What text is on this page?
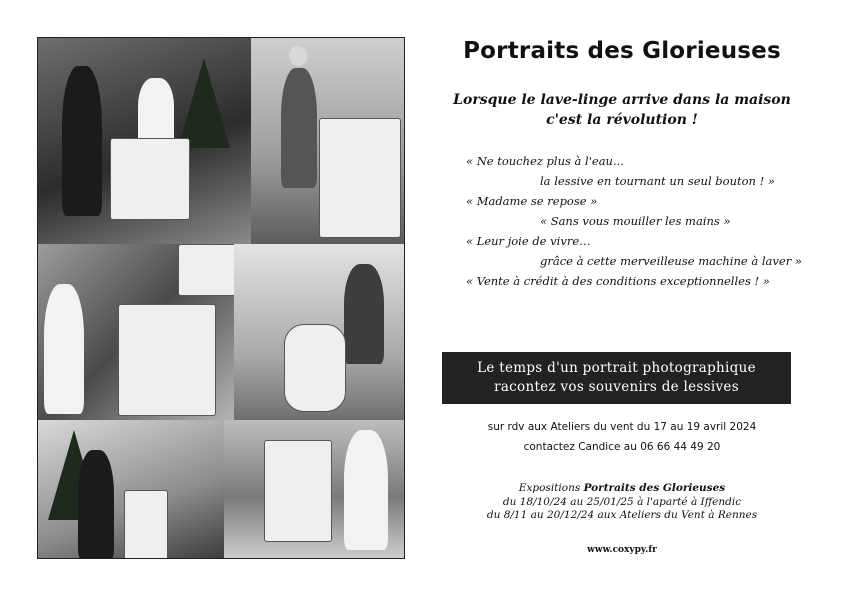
Portraits des Glorieuses
Lorsque le lave-linge arrive dans la maison
c'est la révolution !
« Ne touchez plus à l'eau...
la lessive en tournant un seul bouton ! »
« Madame se repose »
« Sans vous mouiller les mains »
« Leur joie de vivre…
grâce à cette merveilleuse machine à laver »
« Vente à crédit à des conditions exceptionnelles ! »
Le temps d'un portrait photographique
racontez vos souvenirs de lessives
sur rdv aux Ateliers du vent du 17 au 19 avril 2024
contactez Candice au 06 66 44 49 20
Expositions Portraits des Glorieuses
du 18/10/24 au 25/01/25 à l'aparté à Iffendic
du 8/11 au 20/12/24 aux Ateliers du Vent à Rennes
www.coxypy.fr
